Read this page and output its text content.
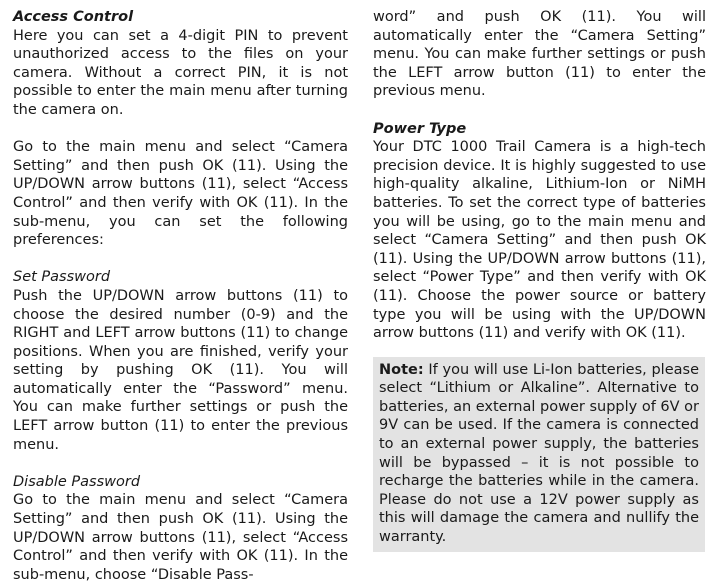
Access Control

Here you can set a 4-digit PIN to prevent unauthorized access to the files on your camera. Without a correct PIN, it is not possible to enter the main menu after turning the camera on.

Go to the main menu and select “Camera Setting” and then push OK (11). Using the UP/DOWN arrow buttons (11), select “Access Control” and then verify with OK (11). In the sub-menu, you can set the following preferences:

Set Password

Push the UP/DOWN arrow buttons (11) to choose the desired number (0-9) and the RIGHT and LEFT arrow buttons (11) to change positions. When you are finished, verify your setting by pushing OK (11). You will automatically enter the “Password” menu. You can make further settings or push the LEFT arrow button (11) to enter the previous menu.

Disable Password

Go to the main menu and select “Camera Setting” and then push OK (11). Using the UP/DOWN arrow buttons (11), select “Access Control” and then verify with OK (11). In the sub-menu, choose “Disable Pass-

word” and push OK (11). You will automatically enter the “Camera Setting” menu. You can make further settings or push the LEFT arrow button (11) to enter the previous menu.

Power Type

Your DTC 1000 Trail Camera is a high-tech precision device. It is highly suggested to use high-quality alkaline, Lithium-Ion or NiMH batteries. To set the correct type of batteries you will be using, go to the main menu and select “Camera Setting” and then push OK (11). Using the UP/DOWN arrow buttons (11), select “Power Type” and then verify with OK (11). Choose the power source or battery type you will be using with the UP/DOWN arrow buttons (11) and verify with OK (11).

Note: If you will use Li-Ion batteries, please select “Lithium or Alkaline”. Alternative to batteries, an external power supply of 6V or 9V can be used. If the camera is connected to an external power supply, the batteries will be bypassed – it is not possible to recharge the batteries while in the camera. Please do not use a 12V power supply as this will damage the camera and nullify the warranty.
